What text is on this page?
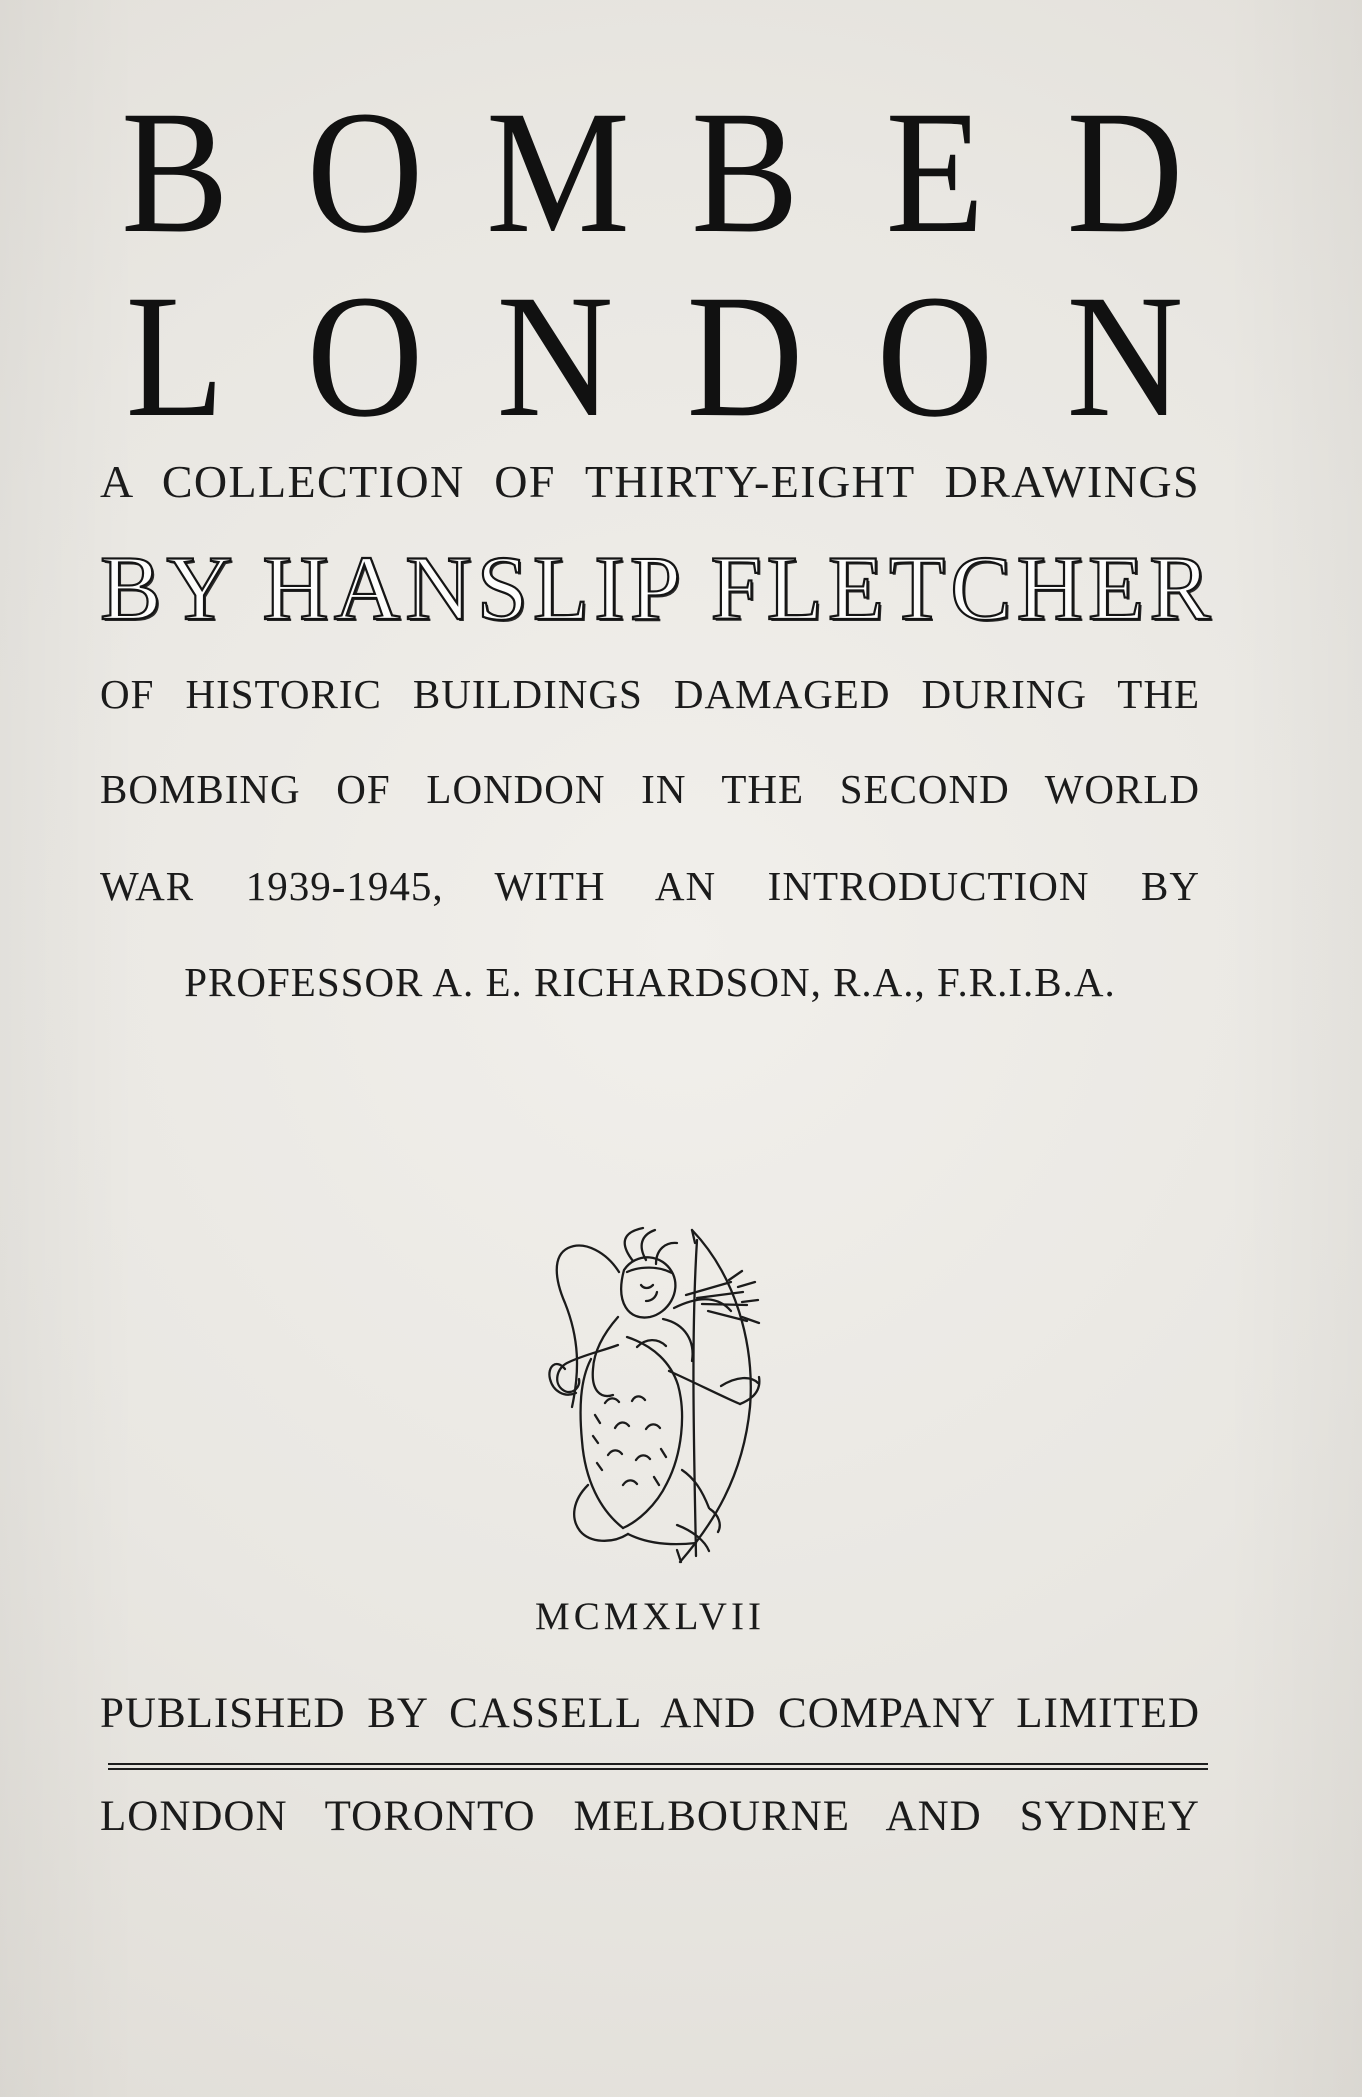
B O M B E D
L O N D O N
A COLLECTION OF THIRTY-EIGHT DRAWINGS
BY HANSLIP FLETCHER
OF HISTORIC BUILDINGS DAMAGED DURING THE
BOMBING OF LONDON IN THE SECOND WORLD
WAR 1939-1945, WITH AN INTRODUCTION BY
PROFESSOR A. E. RICHARDSON, R.A., F.R.I.B.A.
MCMXLVII
PUBLISHED BY CASSELL AND COMPANY LIMITED
LONDON TORONTO MELBOURNE AND SYDNEY
